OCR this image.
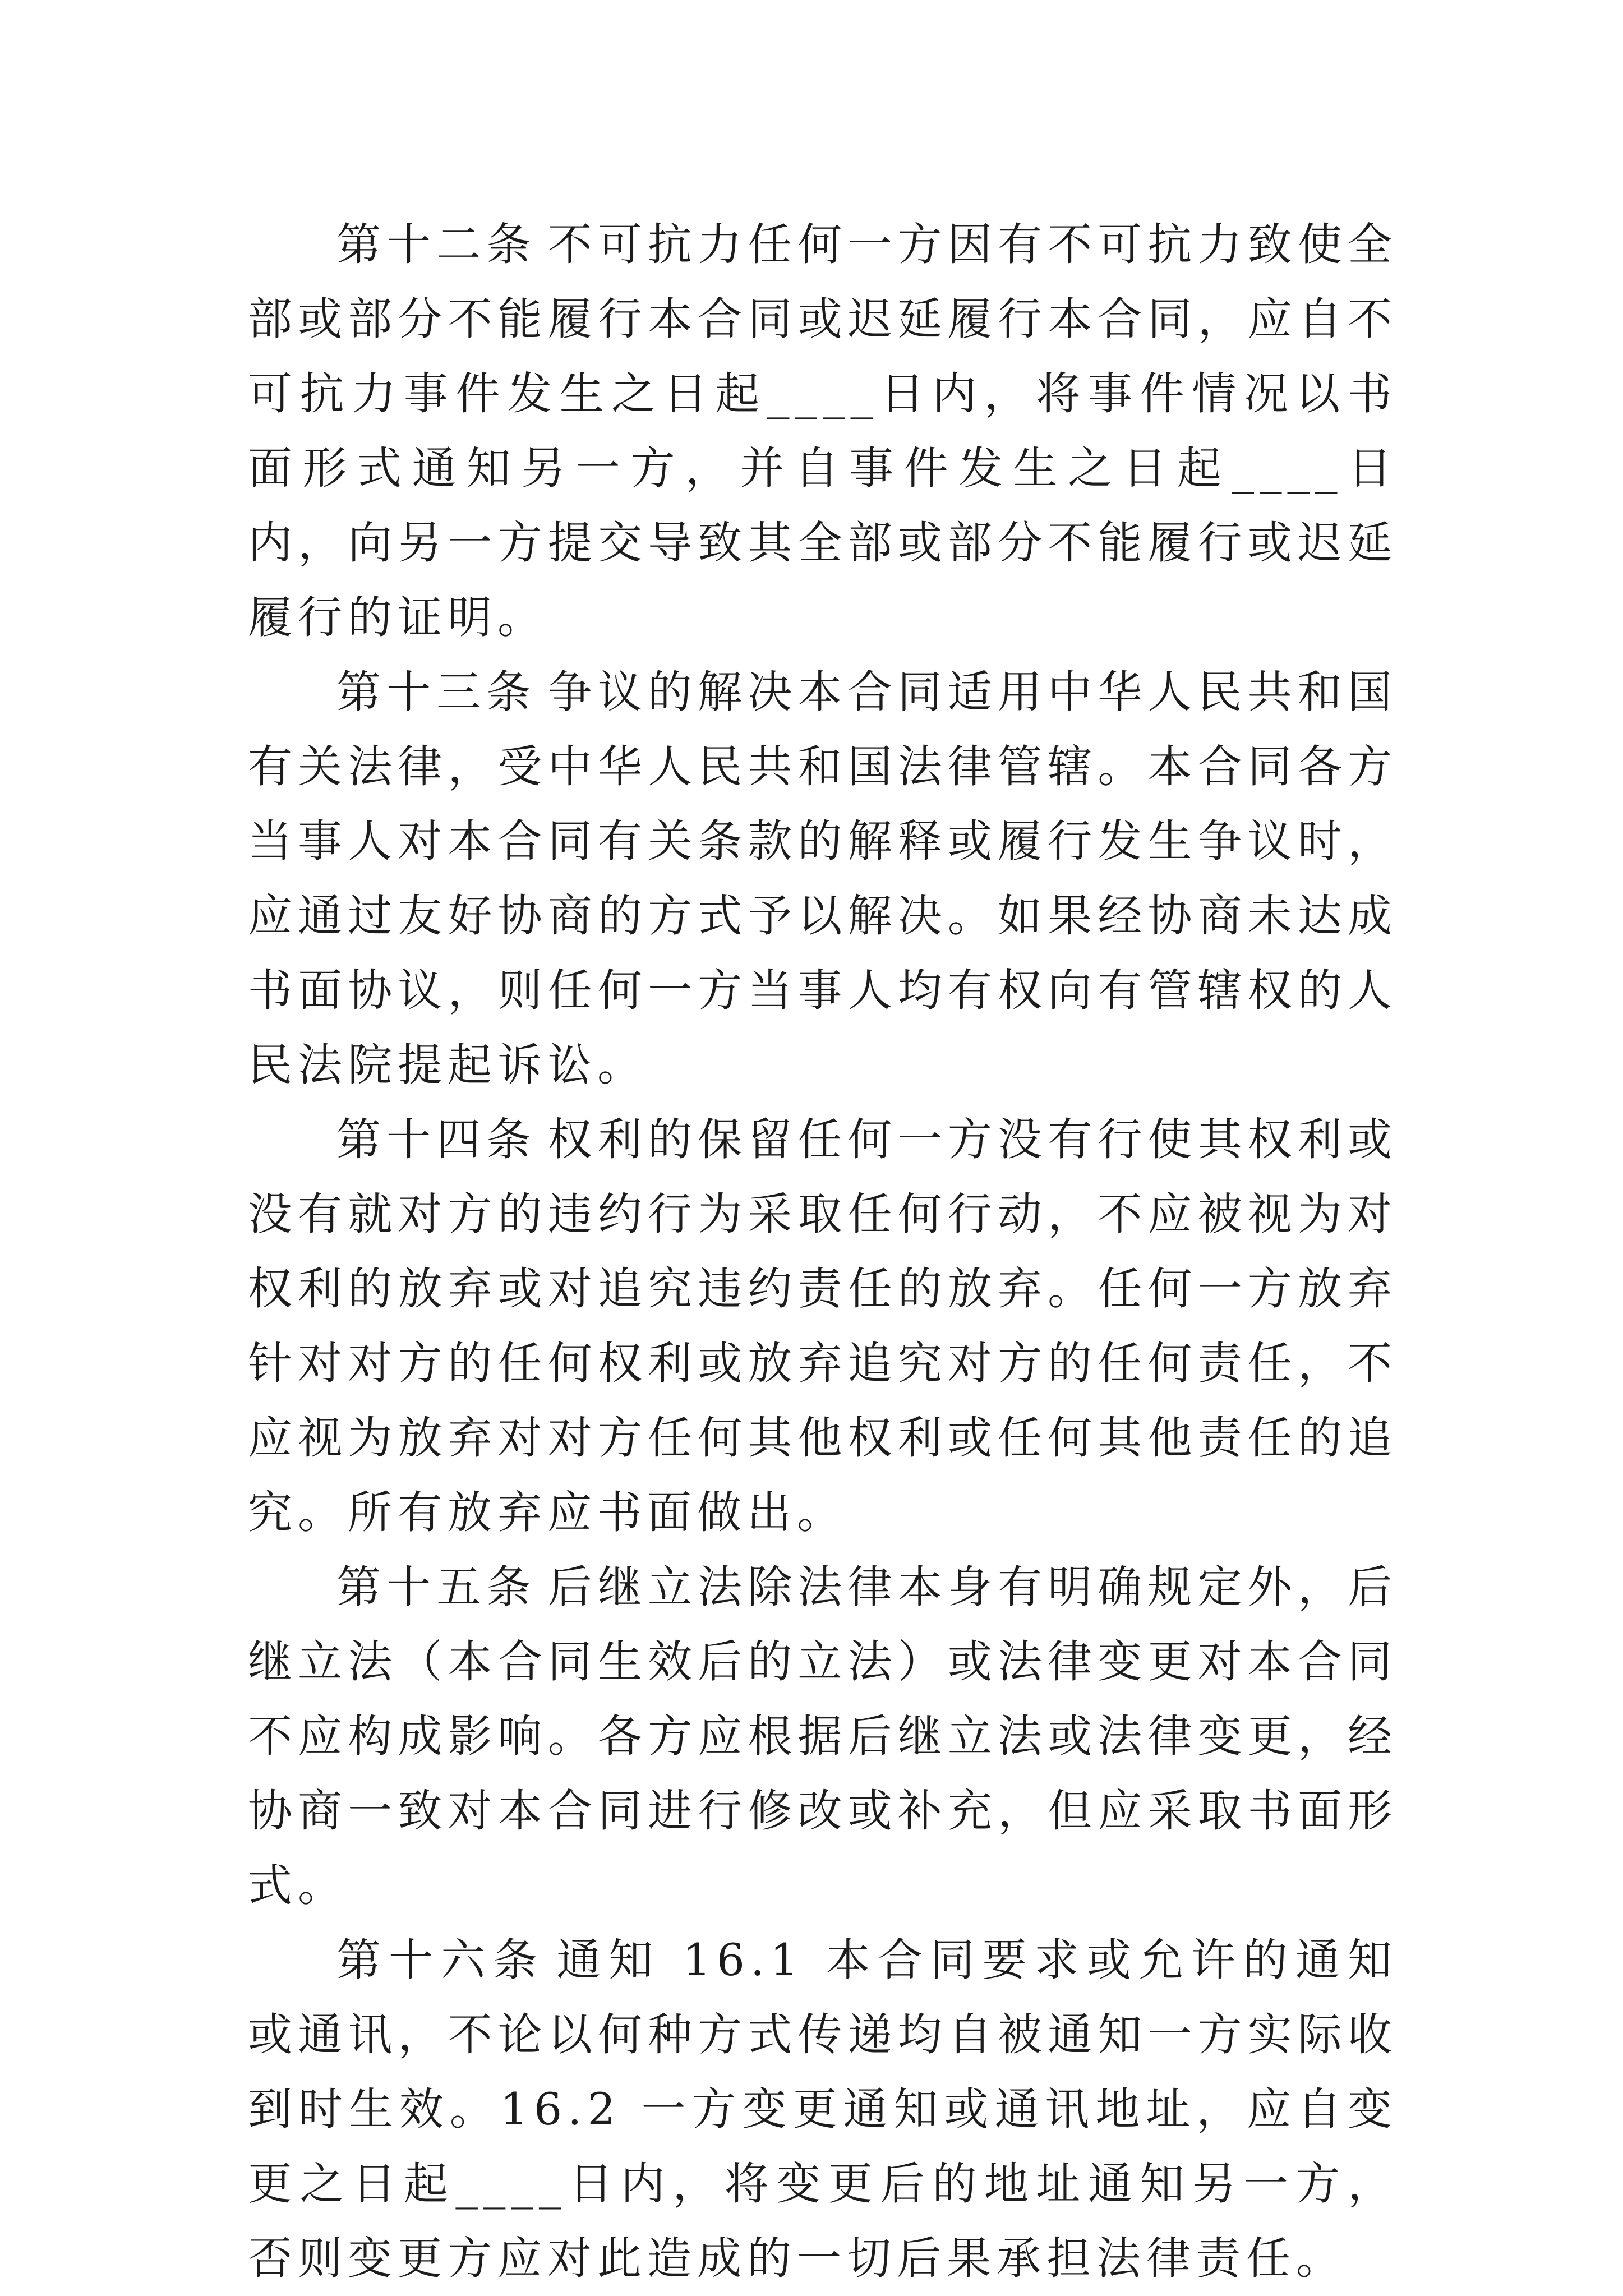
第十二条 不可抗力任何一方因有不可抗力致使全部或部分不能履行本合同或迟延履行本合同，应自不可抗力事件发生之日起____日内，将事件情况以书面形式通知另一方，并自事件发生之日起____日内，向另一方提交导致其全部或部分不能履行或迟延履行的证明。

第十三条 争议的解决本合同适用中华人民共和国有关法律，受中华人民共和国法律管辖。本合同各方当事人对本合同有关条款的解释或履行发生争议时，应通过友好协商的方式予以解决。如果经协商未达成书面协议，则任何一方当事人均有权向有管辖权的人民法院提起诉讼。

第十四条 权利的保留任何一方没有行使其权利或没有就对方的违约行为采取任何行动，不应被视为对权利的放弃或对追究违约责任的放弃。任何一方放弃针对对方的任何权利或放弃追究对方的任何责任，不应视为放弃对对方任何其他权利或任何其他责任的追究。所有放弃应书面做出。

第十五条 后继立法除法律本身有明确规定外，后继立法（本合同生效后的立法）或法律变更对本合同不应构成影响。各方应根据后继立法或法律变更，经协商一致对本合同进行修改或补充，但应采取书面形式。

第十六条 通知 16.1 本合同要求或允许的通知或通讯，不论以何种方式传递均自被通知一方实际收到时生效。16.2 一方变更通知或通讯地址，应自变更之日起____日内，将变更后的地址通知另一方，否则变更方应对此造成的一切后果承担法律责任。
